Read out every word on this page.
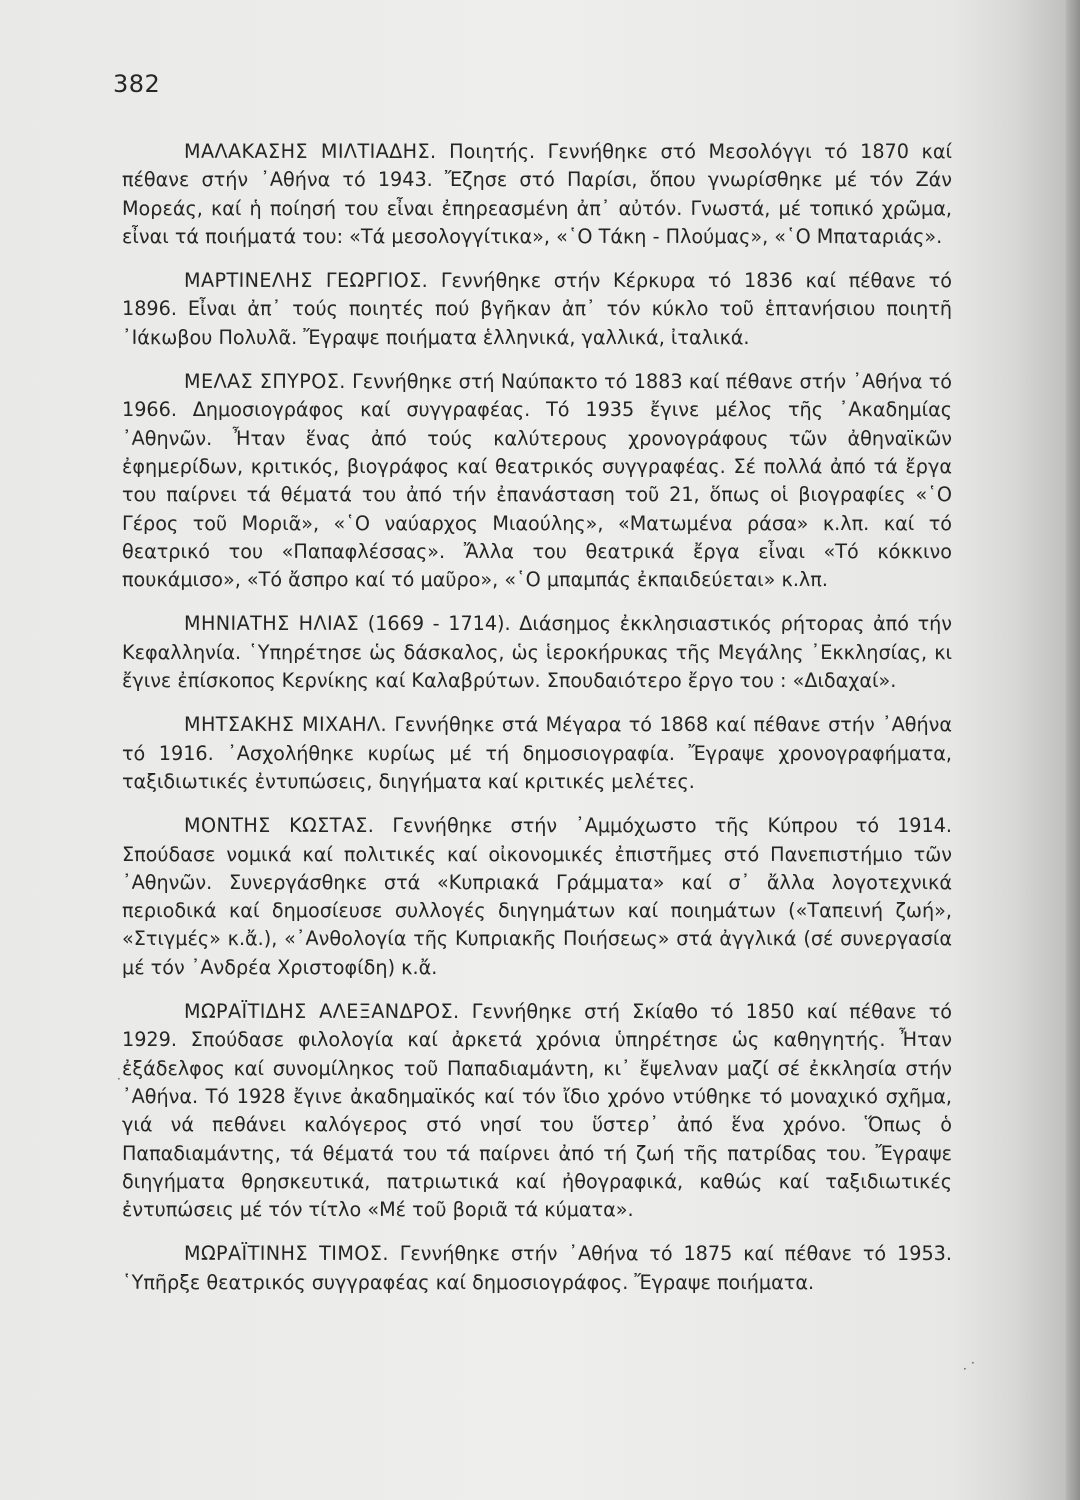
382

ΜΑΛΑΚΑΣΗΣ ΜΙΛΤΙΑΔΗΣ. Ποιητής. Γεννήθηκε στό Μεσολόγγι τό 1870 καί πέθανε στήν ᾿Αθήνα τό 1943. Ἔζησε στό Παρίσι, ὅπου γνωρίσθηκε μέ τόν Ζάν Μορεάς, καί ἡ ποίησή του εἶναι ἐπηρεασμένη ἀπ᾿ αὐτόν. Γνωστά, μέ τοπικό χρῶμα, εἶναι τά ποιήματά του: «Τά μεσολογγίτικα», «῾Ο Τάκη - Πλούμας», «῾Ο Μπαταριάς».

ΜΑΡΤΙΝΕΛΗΣ ΓΕΩΡΓΙΟΣ. Γεννήθηκε στήν Κέρκυρα τό 1836 καί πέθανε τό 1896. Εἶναι ἀπ᾿ τούς ποιητές πού βγῆκαν ἀπ᾿ τόν κύκλο τοῦ ἑπτανήσιου ποιητῆ ᾿Ιάκωβου Πολυλᾶ. Ἔγραψε ποιήματα ἑλληνικά, γαλλικά, ἰταλικά.

ΜΕΛΑΣ ΣΠΥΡΟΣ. Γεννήθηκε στή Ναύπακτο τό 1883 καί πέθανε στήν ᾿Αθήνα τό 1966. Δημοσιογράφος καί συγγραφέας. Τό 1935 ἔγινε μέλος τῆς ᾿Ακαδημίας ᾿Αθηνῶν. Ἦταν ἕνας ἀπό τούς καλύτερους χρονογράφους τῶν ἀθηναϊκῶν ἐφημερίδων, κριτικός, βιογράφος καί θεατρικός συγγραφέας. Σέ πολλά ἀπό τά ἔργα του παίρνει τά θέματά του ἀπό τήν ἐπανάσταση τοῦ 21, ὅπως οἱ βιογραφίες «῾Ο Γέρος τοῦ Μοριᾶ», «῾Ο ναύαρχος Μιαούλης», «Ματωμένα ράσα» κ.λπ. καί τό θεατρικό του «Παπαφλέσσας». Ἄλλα του θεατρικά ἔργα εἶναι «Τό κόκκινο πουκάμισο», «Τό ἄσπρο καί τό μαῦρο», «῾Ο μπαμπάς ἐκπαιδεύεται» κ.λπ.

ΜΗΝΙΑΤΗΣ ΗΛΙΑΣ (1669 - 1714). Διάσημος ἐκκλησιαστικός ρήτορας ἀπό τήν Κεφαλληνία. ῾Υπηρέτησε ὡς δάσκαλος, ὡς ἱεροκήρυκας τῆς Μεγάλης ᾿Εκκλησίας, κι ἔγινε ἐπίσκοπος Κερνίκης καί Καλαβρύτων. Σπουδαιότερο ἔργο του : «Διδαχαί».

ΜΗΤΣΑΚΗΣ ΜΙΧΑΗΛ. Γεννήθηκε στά Μέγαρα τό 1868 καί πέθανε στήν ᾿Αθήνα τό 1916. ᾿Ασχολήθηκε κυρίως μέ τή δημοσιογραφία. Ἔγραψε χρονογραφήματα, ταξιδιωτικές ἐντυπώσεις, διηγήματα καί κριτικές μελέτες.

ΜΟΝΤΗΣ ΚΩΣΤΑΣ. Γεννήθηκε στήν ᾿Αμμόχωστο τῆς Κύπρου τό 1914. Σπούδασε νομικά καί πολιτικές καί οἰκονομικές ἐπιστῆμες στό Πανεπιστήμιο τῶν ᾿Αθηνῶν. Συνεργάσθηκε στά «Κυπριακά Γράμματα» καί σ᾿ ἄλλα λογοτεχνικά περιοδικά καί δημοσίευσε συλλογές διηγημάτων καί ποιημάτων («Ταπεινή ζωή», «Στιγμές» κ.ἄ.), «᾿Ανθολογία τῆς Κυπριακῆς Ποιήσεως» στά ἀγγλικά (σέ συνεργασία μέ τόν ᾿Ανδρέα Χριστοφίδη) κ.ἄ.

ΜΩΡΑΪΤΙΔΗΣ ΑΛΕΞΑΝΔΡΟΣ. Γεννήθηκε στή Σκίαθο τό 1850 καί πέθανε τό 1929. Σπούδασε φιλολογία καί ἀρκετά χρόνια ὑπηρέτησε ὡς καθηγητής. Ἦταν ἐξάδελφος καί συνομίληκος τοῦ Παπαδιαμάντη, κι᾿ ἔψελναν μαζί σέ ἐκκλησία στήν ᾿Αθήνα. Τό 1928 ἔγινε ἀκαδημαϊκός καί τόν ἴδιο χρόνο ντύθηκε τό μοναχικό σχῆμα, γιά νά πεθάνει καλόγερος στό νησί του ὕστερ᾿ ἀπό ἕνα χρόνο. Ὅπως ὁ Παπαδιαμάντης, τά θέματά του τά παίρνει ἀπό τή ζωή τῆς πατρίδας του. Ἔγραψε διηγήματα θρησκευτικά, πατριωτικά καί ἠθογραφικά, καθώς καί ταξιδιωτικές ἐντυπώσεις μέ τόν τίτλο «Μέ τοῦ βοριᾶ τά κύματα».

ΜΩΡΑΪΤΙΝΗΣ ΤΙΜΟΣ. Γεννήθηκε στήν ᾿Αθήνα τό 1875 καί πέθανε τό 1953. ῾Υπῆρξε θεατρικός συγγραφέας καί δημοσιογράφος. Ἔγραψε ποιήματα.

·
· ·
